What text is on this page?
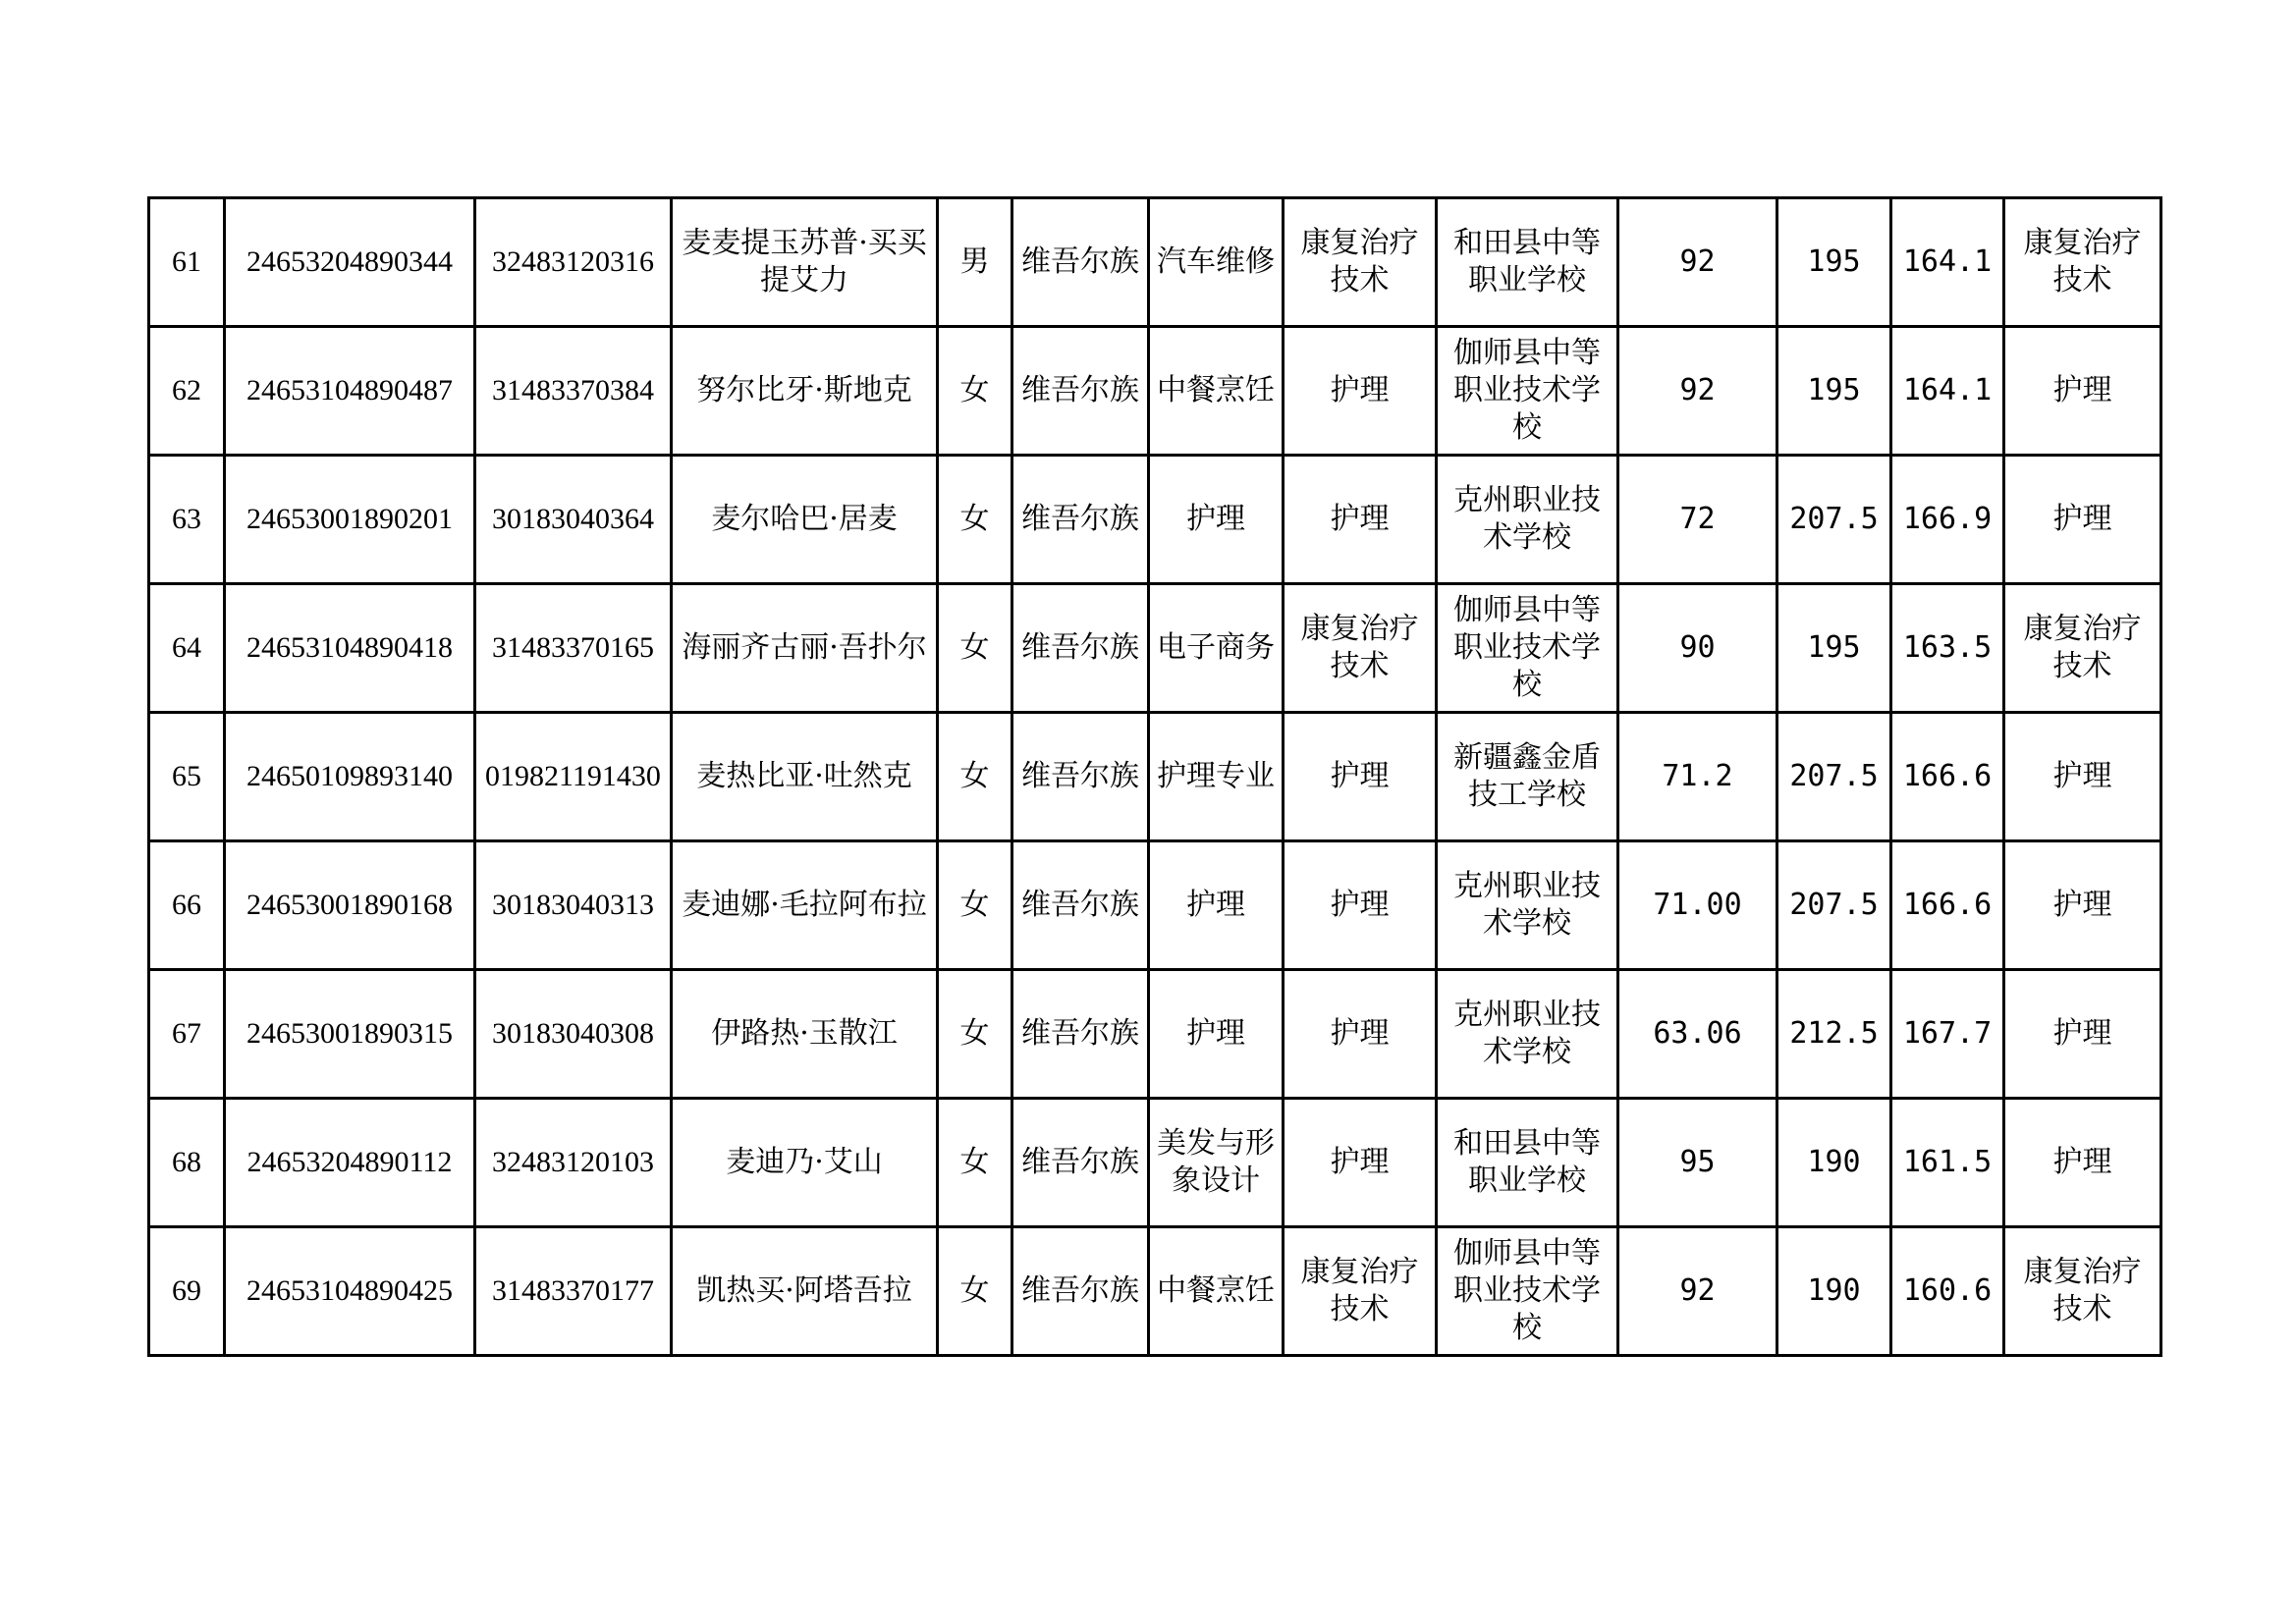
61	24653204890344	32483120316	麦麦提玉苏普·买买提艾力	男	维吾尔族	汽车维修	康复治疗技术	和田县中等职业学校	92	195	164.1	康复治疗技术
62	24653104890487	31483370384	努尔比牙·斯地克	女	维吾尔族	中餐烹饪	护理	伽师县中等职业技术学校	92	195	164.1	护理
63	24653001890201	30183040364	麦尔哈巴·居麦	女	维吾尔族	护理	护理	克州职业技术学校	72	207.5	166.9	护理
64	24653104890418	31483370165	海丽齐古丽·吾扑尔	女	维吾尔族	电子商务	康复治疗技术	伽师县中等职业技术学校	90	195	163.5	康复治疗技术
65	24650109893140	019821191430	麦热比亚·吐然克	女	维吾尔族	护理专业	护理	新疆鑫金盾技工学校	71.2	207.5	166.6	护理
66	24653001890168	30183040313	麦迪娜·毛拉阿布拉	女	维吾尔族	护理	护理	克州职业技术学校	71.00	207.5	166.6	护理
67	24653001890315	30183040308	伊路热·玉散江	女	维吾尔族	护理	护理	克州职业技术学校	63.06	212.5	167.7	护理
68	24653204890112	32483120103	麦迪乃·艾山	女	维吾尔族	美发与形象设计	护理	和田县中等职业学校	95	190	161.5	护理
69	24653104890425	31483370177	凯热买·阿塔吾拉	女	维吾尔族	中餐烹饪	康复治疗技术	伽师县中等职业技术学校	92	190	160.6	康复治疗技术
